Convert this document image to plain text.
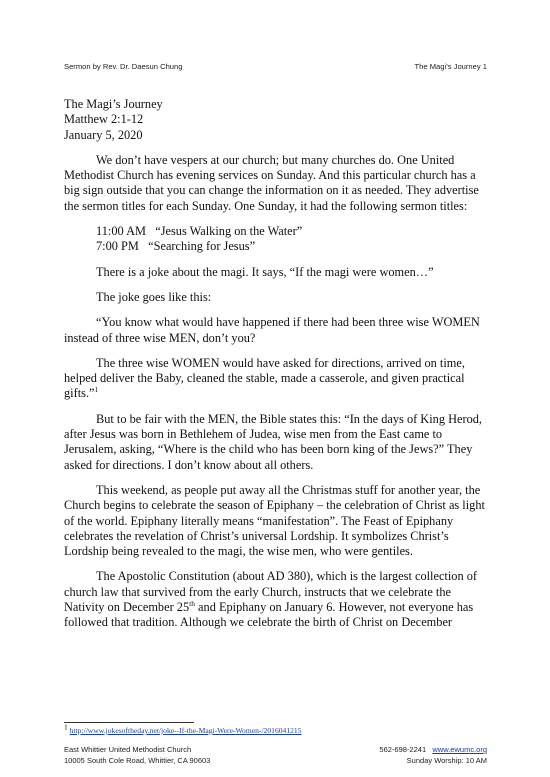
Sermon by Rev. Dr. Daesun Chung	The Magi’s Journey 1
The Magi’s Journey
Matthew 2:1-12
January 5, 2020

We don’t have vespers at our church; but many churches do. One United Methodist Church has evening services on Sunday. And this particular church has a big sign outside that you can change the information on it as needed. They advertise the sermon titles for each Sunday. One Sunday, it had the following sermon titles:

11:00 AM   “Jesus Walking on the Water”
7:00 PM   “Searching for Jesus”

There is a joke about the magi. It says, “If the magi were women…”

The joke goes like this:

“You know what would have happened if there had been three wise WOMEN instead of three wise MEN, don’t you?

The three wise WOMEN would have asked for directions, arrived on time, helped deliver the Baby, cleaned the stable, made a casserole, and given practical gifts.”$^1$

But to be fair with the MEN, the Bible states this: “In the days of King Herod, after Jesus was born in Bethlehem of Judea, wise men from the East came to Jerusalem, asking, “Where is the child who has been born king of the Jews?” They asked for directions. I don’t know about all others.

This weekend, as people put away all the Christmas stuff for another year, the Church begins to celebrate the season of Epiphany – the celebration of Christ as light of the world. Epiphany literally means “manifestation”. The Feast of Epiphany celebrates the revelation of Christ’s universal Lordship. It symbolizes Christ’s Lordship being revealed to the magi, the wise men, who were gentiles.

The Apostolic Constitution (about AD 380), which is the largest collection of church law that survived from the early Church, instructs that we celebrate the Nativity on December 25th and Epiphany on January 6. However, not everyone has followed that tradition. Although we celebrate the birth of Christ on December

$^1$ http://www.jokesoftheday.net/joke--If-the-Magi-Were-Women-/2016041215
East Whittier United Methodist Church
10005 South Cole Road, Whittier, CA 90603
562-698-2241 www.ewumc.org
Sunday Worship: 10 AM
